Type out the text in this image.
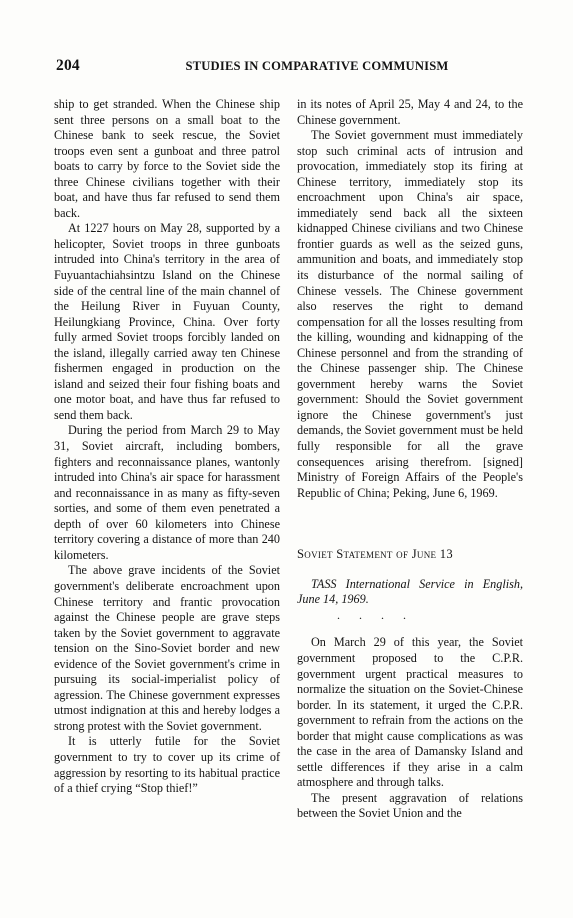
204	STUDIES IN COMPARATIVE COMMUNISM

ship to get stranded. When the Chinese ship sent three persons on a small boat to the Chinese bank to seek rescue, the Soviet troops even sent a gunboat and three patrol boats to carry by force to the Soviet side the three Chinese civilians together with their boat, and have thus far refused to send them back.

At 1227 hours on May 28, supported by a helicopter, Soviet troops in three gunboats intruded into China's territory in the area of Fuyuantachiahsintzu Island on the Chinese side of the central line of the main channel of the Heilung River in Fuyuan County, Heilungkiang Province, China. Over forty fully armed Soviet troops forcibly landed on the island, illegally carried away ten Chinese fishermen engaged in production on the island and seized their four fishing boats and one motor boat, and have thus far refused to send them back.

During the period from March 29 to May 31, Soviet aircraft, including bombers, fighters and reconnaissance planes, wantonly intruded into China's air space for harassment and reconnaissance in as many as fifty-seven sorties, and some of them even penetrated a depth of over 60 kilometers into Chinese territory covering a distance of more than 240 kilometers.

The above grave incidents of the Soviet government's deliberate encroachment upon Chinese territory and frantic provocation against the Chinese people are grave steps taken by the Soviet government to aggravate tension on the Sino-Soviet border and new evidence of the Soviet government's crime in pursuing its social-imperialist policy of agression. The Chinese government expresses utmost indignation at this and hereby lodges a strong protest with the Soviet government.

It is utterly futile for the Soviet government to try to cover up its crime of aggression by resorting to its habitual practice of a thief crying “Stop thief!”

in its notes of April 25, May 4 and 24, to the Chinese government.

The Soviet government must immediately stop such criminal acts of intrusion and provocation, immediately stop its firing at Chinese territory, immediately stop its encroachment upon China's air space, immediately send back all the sixteen kidnapped Chinese civilians and two Chinese frontier guards as well as the seized guns, ammunition and boats, and immediately stop its disturbance of the normal sailing of Chinese vessels. The Chinese government also reserves the right to demand compensation for all the losses resulting from the killing, wounding and kidnapping of the Chinese personnel and from the stranding of the Chinese passenger ship. The Chinese government hereby warns the Soviet government: Should the Soviet government ignore the Chinese government's just demands, the Soviet government must be held fully responsible for all the grave consequences arising therefrom. [signed] Ministry of Foreign Affairs of the People's Republic of China; Peking, June 6, 1969.

Soviet Statement of June 13

TASS International Service in English, June 14, 1969.

. . . .

On March 29 of this year, the Soviet government proposed to the C.P.R. government urgent practical measures to normalize the situation on the Soviet-Chinese border. In its statement, it urged the C.P.R. government to refrain from the actions on the border that might cause complications as was the case in the area of Damansky Island and settle differences if they arise in a calm atmosphere and through talks.

The present aggravation of relations between the Soviet Union and the
